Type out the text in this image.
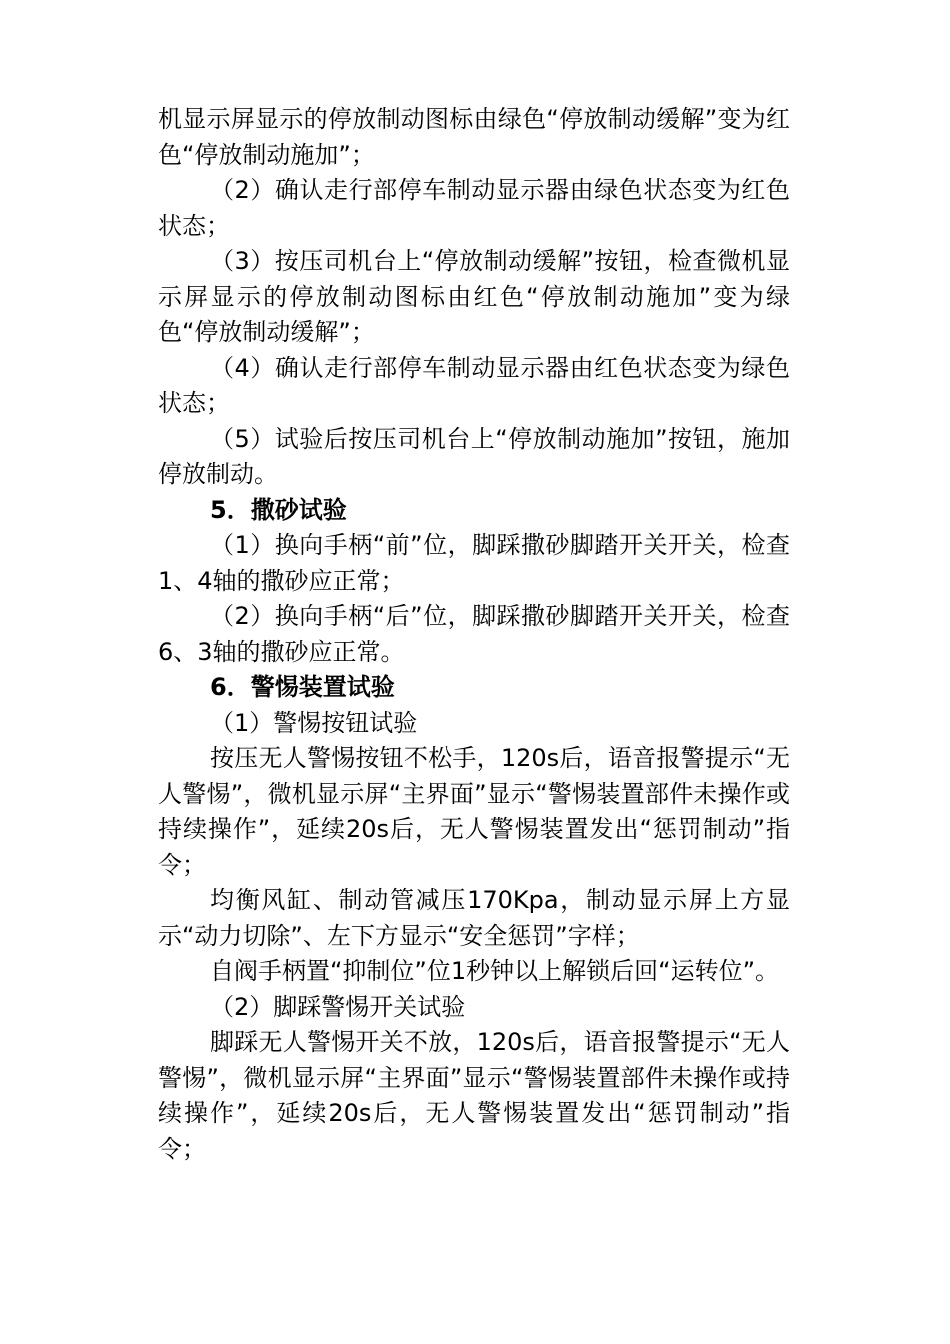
机显示屏显示的停放制动图标由绿色“停放制动缓解”变为红色“停放制动施加”；

（2）确认走行部停车制动显示器由绿色状态变为红色状态；

（3）按压司机台上“停放制动缓解”按钮，检查微机显示屏显示的停放制动图标由红色“停放制动施加”变为绿色“停放制动缓解”；

（4）确认走行部停车制动显示器由红色状态变为绿色状态；

（5）试验后按压司机台上“停放制动施加”按钮，施加停放制动。

5．撒砂试验

（1）换向手柄“前”位，脚踩撒砂脚踏开关开关，检查1、4轴的撒砂应正常；

（2）换向手柄“后”位，脚踩撒砂脚踏开关开关，检查6、3轴的撒砂应正常。

6．警惕装置试验

（1）警惕按钮试验

按压无人警惕按钮不松手，120s后，语音报警提示“无人警惕”，微机显示屏“主界面”显示“警惕装置部件未操作或持续操作”，延续20s后，无人警惕装置发出“惩罚制动”指令；

均衡风缸、制动管减压170Kpa，制动显示屏上方显示“动力切除”、左下方显示“安全惩罚”字样；

自阀手柄置“抑制位”位1秒钟以上解锁后回“运转位”。

（2）脚踩警惕开关试验

脚踩无人警惕开关不放，120s后，语音报警提示“无人警惕”，微机显示屏“主界面”显示“警惕装置部件未操作或持续操作”，延续20s后，无人警惕装置发出“惩罚制动”指令；
